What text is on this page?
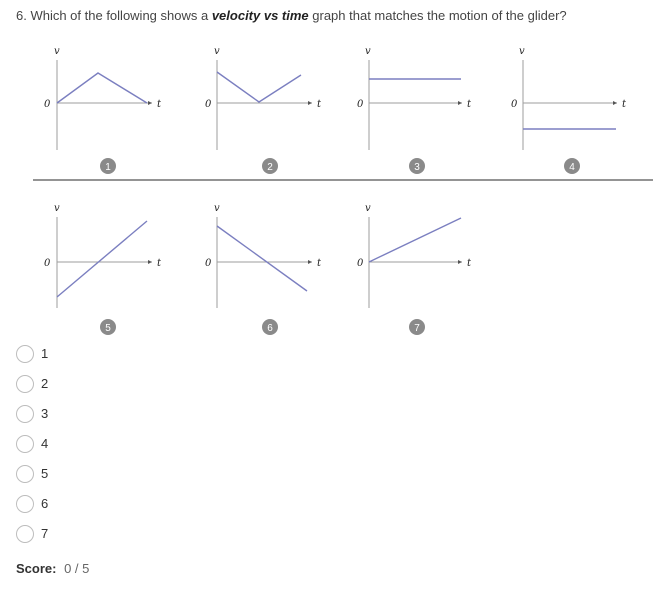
6. Which of the following shows a velocity vs time graph that matches the motion of the glider?
v
t
0
1
v
t
0
2
v
t
0
3
v
t
0
4
v
t
0
5
v
t
0
6
v
t
0
7
1
2
3
4
5
6
7
Score: 0 / 5
